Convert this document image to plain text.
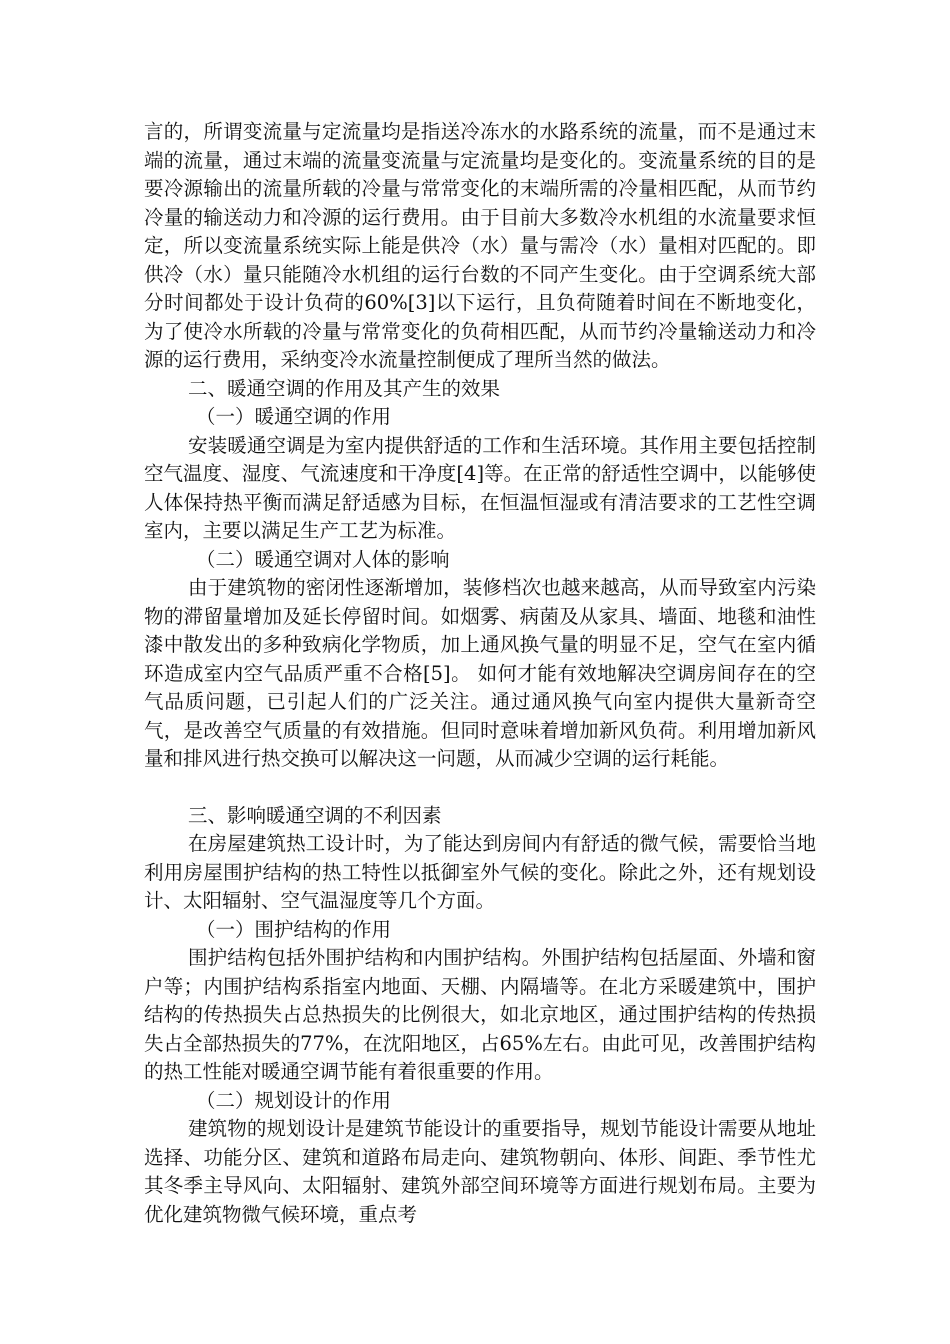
言的，所谓变流量与定流量均是指送冷冻水的水路系统的流量，而不是通过末端的流量，通过末端的流量变流量与定流量均是变化的。变流量系统的目的是要冷源输出的流量所载的冷量与常常变化的末端所需的冷量相匹配，从而节约冷量的输送动力和冷源的运行费用。由于目前大多数冷水机组的水流量要求恒定，所以变流量系统实际上能是供冷（水）量与需冷（水）量相对匹配的。即供冷（水）量只能随冷水机组的运行台数的不同产生变化。由于空调系统大部分时间都处于设计负荷的60%[3]以下运行，且负荷随着时间在不断地变化，为了使冷水所载的冷量与常常变化的负荷相匹配，从而节约冷量输送动力和冷源的运行费用，采纳变冷水流量控制便成了理所当然的做法。

二、暖通空调的作用及其产生的效果

（一）暖通空调的作用

安装暖通空调是为室内提供舒适的工作和生活环境。其作用主要包括控制空气温度、湿度、气流速度和干净度[4]等。在正常的舒适性空调中，以能够使人体保持热平衡而满足舒适感为目标，在恒温恒湿或有清洁要求的工艺性空调室内，主要以满足生产工艺为标准。

（二）暖通空调对人体的影响

由于建筑物的密闭性逐渐增加，装修档次也越来越高，从而导致室内污染物的滞留量增加及延长停留时间。如烟雾、病菌及从家具、墙面、地毯和油性漆中散发出的多种致病化学物质，加上通风换气量的明显不足，空气在室内循环造成室内空气品质严重不合格[5]。 如何才能有效地解决空调房间存在的空气品质问题，已引起人们的广泛关注。通过通风换气向室内提供大量新奇空气，是改善空气质量的有效措施。但同时意味着增加新风负荷。利用增加新风量和排风进行热交换可以解决这一问题，从而减少空调的运行耗能。

三、影响暖通空调的不利因素

在房屋建筑热工设计时，为了能达到房间内有舒适的微气候，需要恰当地利用房屋围护结构的热工特性以抵御室外气候的变化。除此之外，还有规划设计、太阳辐射、空气温湿度等几个方面。

（一）围护结构的作用

围护结构包括外围护结构和内围护结构。外围护结构包括屋面、外墙和窗户等；内围护结构系指室内地面、天棚、内隔墙等。在北方采暖建筑中，围护结构的传热损失占总热损失的比例很大，如北京地区，通过围护结构的传热损失占全部热损失的77%，在沈阳地区，占65%左右。由此可见，改善围护结构的热工性能对暖通空调节能有着很重要的作用。

（二）规划设计的作用

建筑物的规划设计是建筑节能设计的重要指导，规划节能设计需要从地址选择、功能分区、建筑和道路布局走向、建筑物朝向、体形、间距、季节性尤其冬季主导风向、太阳辐射、建筑外部空间环境等方面进行规划布局。主要为优化建筑物微气候环境，重点考
